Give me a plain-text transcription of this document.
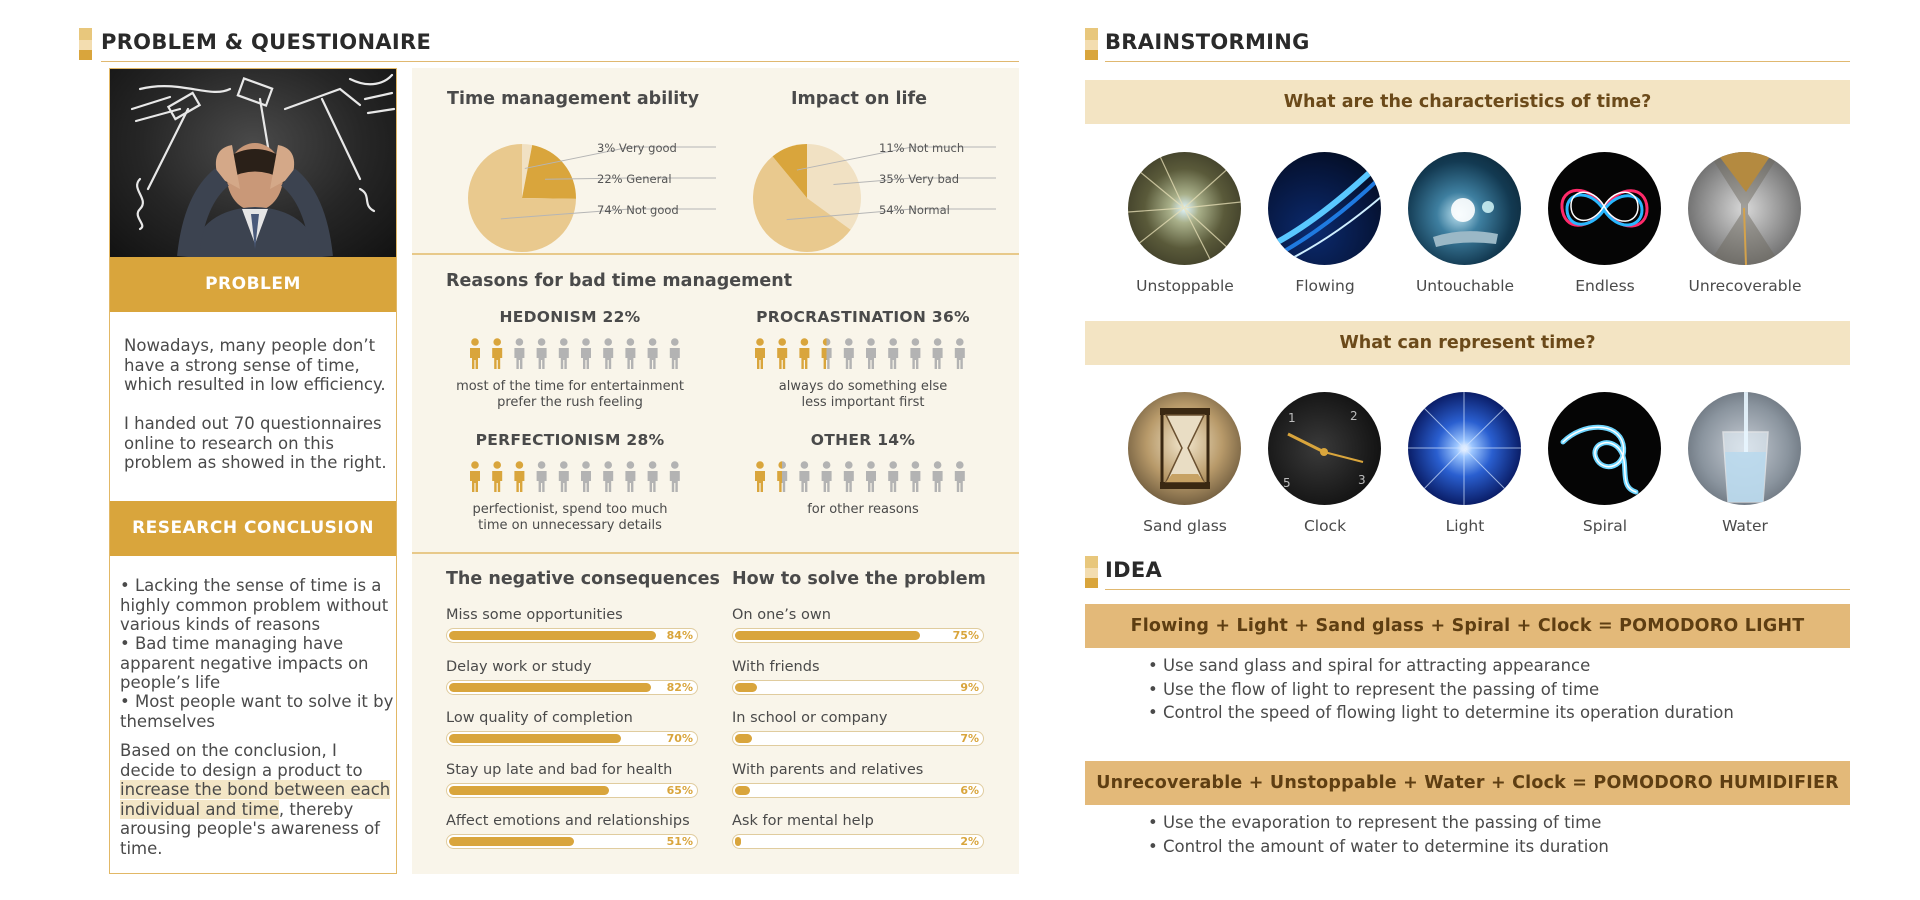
PROBLEM & QUESTIONAIRE
PROBLEM
Nowadays, many people don’t have a strong sense of time, which resulted in low efficiency.
I handed out 70 questionnaires online to research on this problem as showed in the right.
RESEARCH CONCLUSION
• Lacking the sense of time is a highly common problem without various kinds of reasons
• Bad time managing have apparent negative impacts on people’s life
• Most people want to solve it by themselves
Based on the conclusion, I decide to design a product to increase the bond between each individual and time, thereby arousing people's awareness of time.
Time management ability	Impact on life
3% Very good
22% General
74% Not good
11% Not much
35% Very bad
54% Normal
Reasons for bad time management
HEDONISM 22%
most of the time for entertainment
prefer the rush feeling
PROCRASTINATION 36%
always do something else
less important first
PERFECTIONISM 28%
perfectionist, spend too much
time on unnecessary details
OTHER 14%
for other reasons
The negative consequences How to solve the problem
Miss some opportunities
84%
Delay work or study
82%
Low quality of completion
70%
Stay up late and bad for health
65%
Affect emotions and relationships
51%
On one’s own
75%
With friends
9%
In school or company
7%
With parents and relatives
6%
Ask for mental help
2%
BRAINSTORMING
What are the characteristics of time?
Unstoppable	Flowing	Untouchable	Endless	Unrecoverable
What can represent time?
1	2
5	3
Sand glass	Clock	Light	Spiral	Water
IDEA
Flowing + Light + Sand glass + Spiral + Clock = POMODORO LIGHT
• Use sand glass and spiral for attracting appearance
• Use the flow of light to represent the passing of time
• Control the speed of flowing light to determine its operation duration
Unrecoverable + Unstoppable + Water + Clock = POMODORO HUMIDIFIER
• Use the evaporation to represent the passing of time
• Control the amount of water to determine its duration
